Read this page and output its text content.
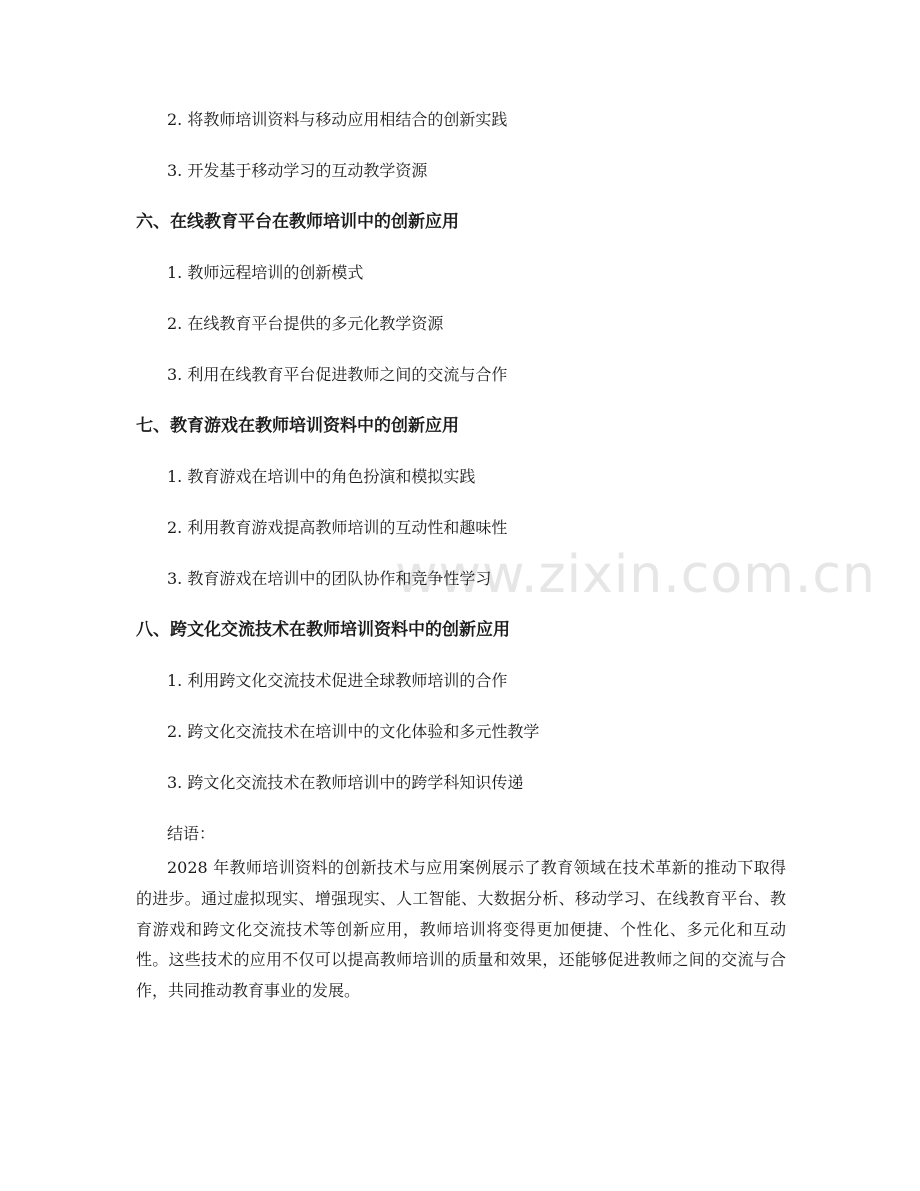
www.zixin.com.cn
2. 将教师培训资料与移动应用相结合的创新实践
3. 开发基于移动学习的互动教学资源
六、在线教育平台在教师培训中的创新应用
1. 教师远程培训的创新模式
2. 在线教育平台提供的多元化教学资源
3. 利用在线教育平台促进教师之间的交流与合作
七、教育游戏在教师培训资料中的创新应用
1. 教育游戏在培训中的角色扮演和模拟实践
2. 利用教育游戏提高教师培训的互动性和趣味性
3. 教育游戏在培训中的团队协作和竞争性学习
八、跨文化交流技术在教师培训资料中的创新应用
1. 利用跨文化交流技术促进全球教师培训的合作
2. 跨文化交流技术在培训中的文化体验和多元性教学
3. 跨文化交流技术在教师培训中的跨学科知识传递
结语：
2028 年教师培训资料的创新技术与应用案例展示了教育领域在技术革新的推动下取得的进步。通过虚拟现实、增强现实、人工智能、大数据分析、移动学习、在线教育平台、教育游戏和跨文化交流技术等创新应用，教师培训将变得更加便捷、个性化、多元化和互动性。这些技术的应用不仅可以提高教师培训的质量和效果，还能够促进教师之间的交流与合作，共同推动教育事业的发展。
